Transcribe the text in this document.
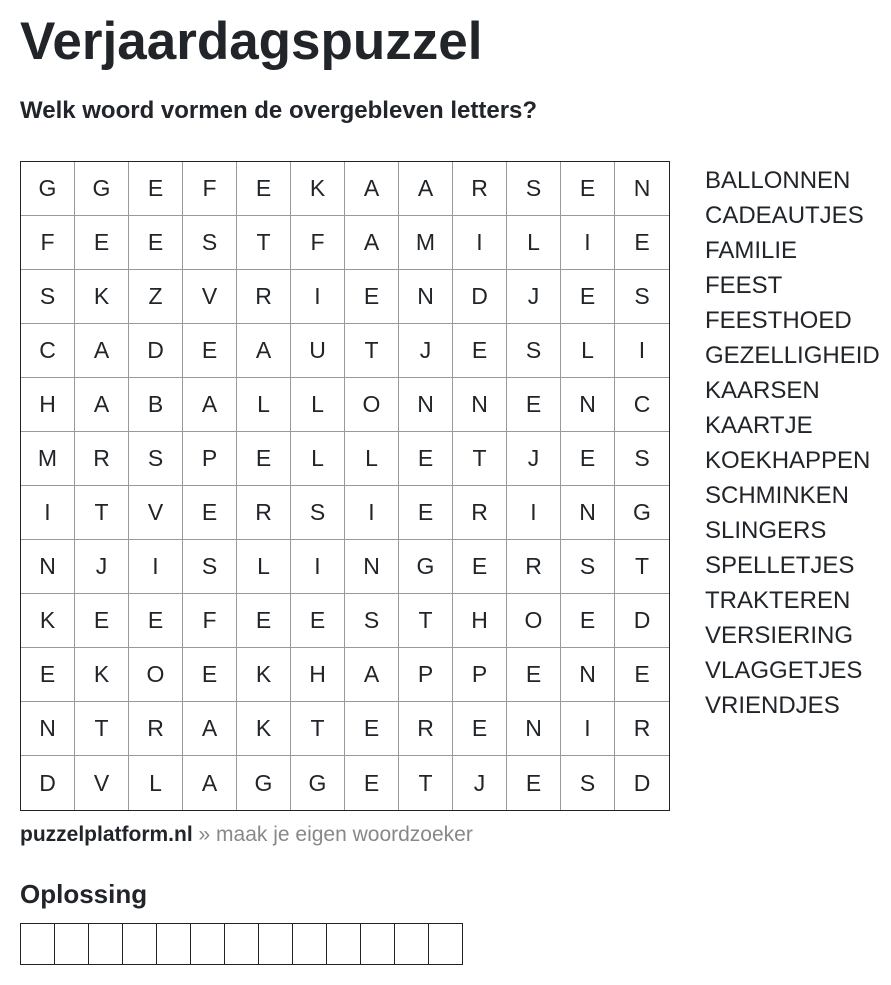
Verjaardagspuzzel
Welk woord vormen de overgebleven letters?
G	G	E	F	E	K	A	A	R	S	E	N
F	E	E	S	T	F	A	M	I	L	I	E
S	K	Z	V	R	I	E	N	D	J	E	S
C	A	D	E	A	U	T	J	E	S	L	I
H	A	B	A	L	L	O	N	N	E	N	C
M	R	S	P	E	L	L	E	T	J	E	S
I	T	V	E	R	S	I	E	R	I	N	G
N	J	I	S	L	I	N	G	E	R	S	T
K	E	E	F	E	E	S	T	H	O	E	D
E	K	O	E	K	H	A	P	P	E	N	E
N	T	R	A	K	T	E	R	E	N	I	R
D	V	L	A	G	G	E	T	J	E	S	D
BALLONNEN
CADEAUTJES
FAMILIE
FEEST
FEESTHOED
GEZELLIGHEID
KAARSEN
KAARTJE
KOEKHAPPEN
SCHMINKEN
SLINGERS
SPELLETJES
TRAKTEREN
VERSIERING
VLAGGETJES
VRIENDJES
puzzelplatform.nl » maak je eigen woordzoeker
Oplossing
